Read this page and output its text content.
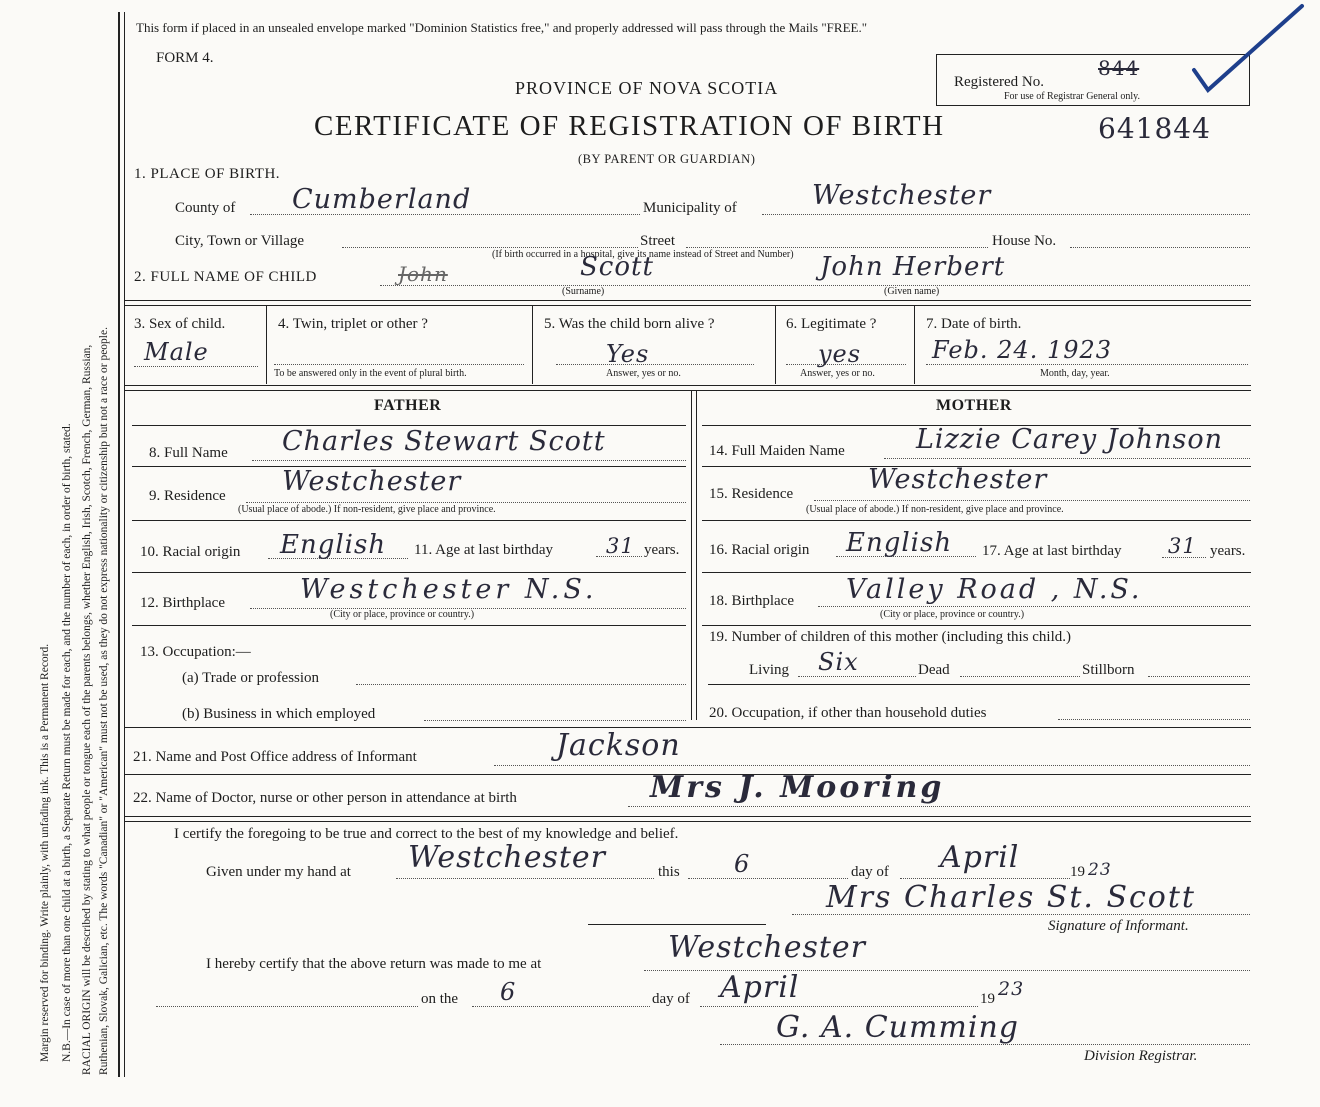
Margin reserved for binding. Write plainly, with unfading ink. This is a Permanent Record. N.B.—In case of more than one child at a birth, a Separate Return must be made for each, and the number of each, in order of birth, stated. RACIAL ORIGIN will be described by stating to what people or tongue each of the parents belongs, whether English, Irish, Scotch, French, German, Russian, Ruthenian, Slovak, Galician, etc. The words "Canadian" or "American" must not be used, as they do not express nationality or citizenship but not a race or people.
This form if placed in an unsealed envelope marked "Dominion Statistics free," and properly addressed will pass through the Mails "FREE."
FORM 4.
PROVINCE OF NOVA SCOTIA
CERTIFICATE OF REGISTRATION OF BIRTH
(BY PARENT OR GUARDIAN)
641844
Registered No.
844
For use of Registrar General only.
1. PLACE OF BIRTH.
County of Cumberland	Municipality of	Westchester
City, Town or Village	Street	House No.
(If birth occurred in a hospital, give its name instead of Street and Number)
2. FULL NAME OF CHILD	John	Scott
(Surname)
John Herbert
(Given name)
3. Sex of child.
Male
4. Twin, triplet or other ?
To be answered only in the event of plural birth.
5. Was the child born alive ?
Yes
Answer, yes or no.
6. Legitimate ?
yes
Answer, yes or no.
7. Date of birth.
Feb. 24. 1923
Month, day, year.
FATHER
8. Full Name Charles Stewart Scott
9. Residence Westchester
(Usual place of abode.) If non-resident, give place and province.
10. Racial origin English 11. Age at last birthday	31 years.
12. Birthplace	Westchester N.S.
(City or place, province or country.)
13. Occupation:—
(a) Trade or profession
(b) Business in which employed
MOTHER
14. Full Maiden Name	Lizzie Carey Johnson
15. Residence	Westchester
(Usual place of abode.) If non-resident, give place and province.
16. Racial origin English 17. Age at last birthday 31 years.
18. Birthplace Valley Road , N.S.
(City or place, province or country.)
19. Number of children of this mother (including this child.)
Living Six	Dead	Stillborn
20. Occupation, if other than household duties
21. Name and Post Office address of Informant	Jackson
22. Name of Doctor, nurse or other person in attendance at birth	Mrs J. Mooring
I certify the foregoing to be true and correct to the best of my knowledge and belief.
Given under my hand at Westchester	this 6	day of April	19 23
Mrs Charles St. Scott
Signature of Informant.
I hereby certify that the above return was made to me at	Westchester
on the 6	day of April	19 23
G. A. Cumming
Division Registrar.
